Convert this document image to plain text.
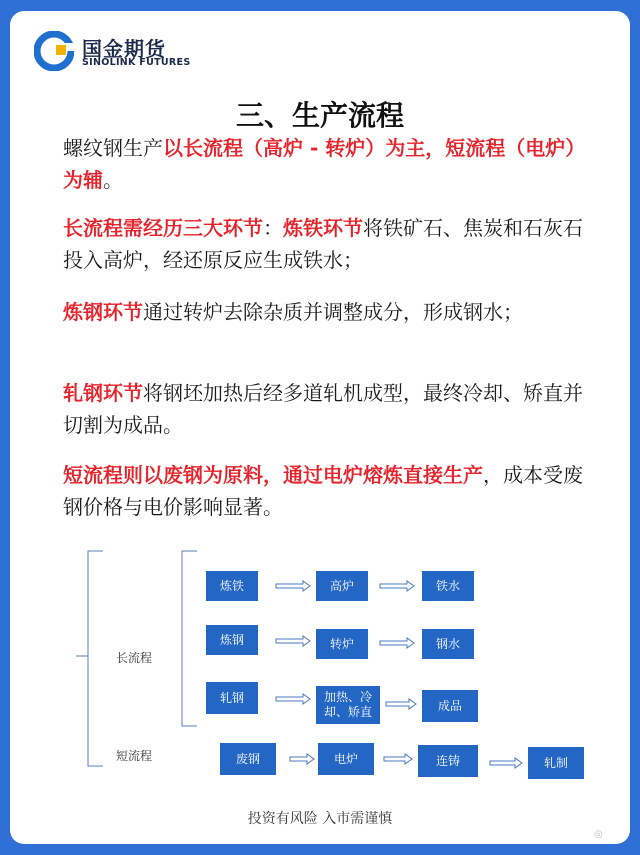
国金期货
SINOLINK FUTURES
三、生产流程
螺纹钢生产以长流程（高炉 - 转炉）为主，短流程（电炉）为辅。
长流程需经历三大环节：炼铁环节将铁矿石、焦炭和石灰石投入高炉，经还原反应生成铁水；
炼钢环节通过转炉去除杂质并调整成分，形成钢水；
轧钢环节将钢坯加热后经多道轧机成型，最终冷却、矫直并切割为成品。
短流程则以废钢为原料，通过电炉熔炼直接生产，成本受废钢价格与电价影响显著。
长流程
短流程
炼铁	高炉	铁水
炼钢	转炉	钢水
轧钢	加热、冷却、矫直	成品
废钢	电炉	连铸	轧制
投资有风险 入市需谨慎
◎
